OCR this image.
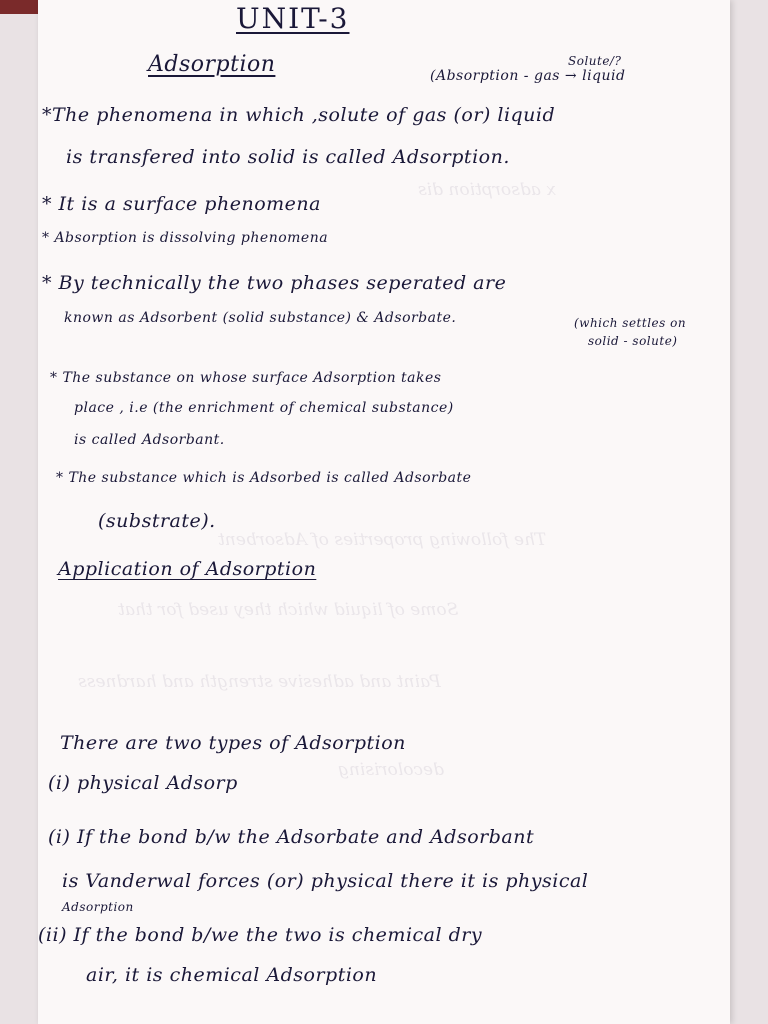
x adsorption dis
The following properties of Adsorbent
Some of liquid which they used for that
Paint and adhesive strength and hardness
decolorising
UNIT-3
Adsorption	Solute/?
(Absorption - gas → liquid
*The phenomena in which ,solute of gas (or) liquid
is transfered into solid is called Adsorption.
* It is a surface phenomena
* Absorption is dissolving phenomena
* By technically the two phases seperated are
known as Adsorbent (solid substance) & Adsorbate.	(which settles on
solid - solute)
* The substance on whose surface Adsorption takes
place , i.e (the enrichment of chemical substance)
is called Adsorbant.
* The substance which is Adsorbed is called Adsorbate
(substrate).
Application of Adsorption
There are two types of Adsorption
(i) physical Adsorp
(i) If the bond b/w the Adsorbate and Adsorbant
is Vanderwal forces (or) physical there it is physical
Adsorption
(ii) If the bond b/we the two is chemical dry
air, it is chemical Adsorption
